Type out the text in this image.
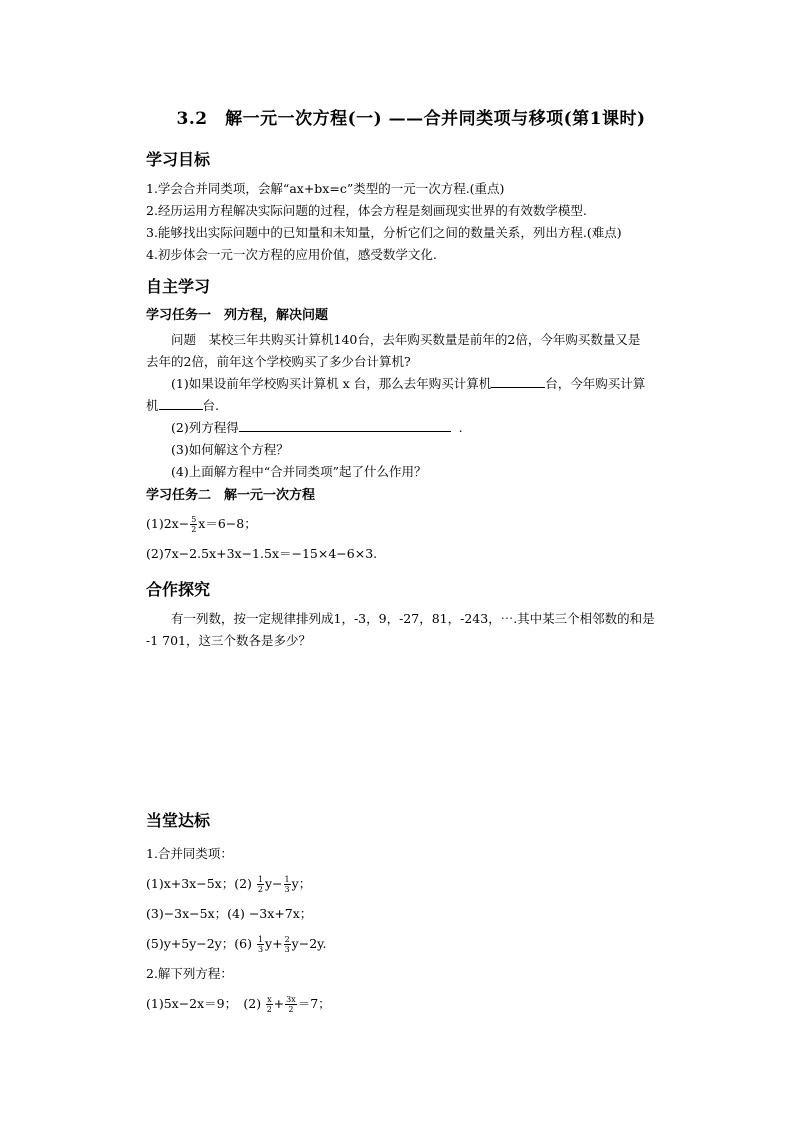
3.2　解一元一次方程(一) ——合并同类项与移项(第1课时)
学习目标

1.学会合并同类项，会解“ax+bx=c”类型的一元一次方程.(重点)

2.经历运用方程解决实际问题的过程，体会方程是刻画现实世界的有效数学模型.

3.能够找出实际问题中的已知量和未知量，分析它们之间的数量关系，列出方程.(难点)

4.初步体会一元一次方程的应用价值，感受数学文化.

自主学习
学习任务一　列方程，解决问题

问题　某校三年共购买计算机140台，去年购买数量是前年的2倍，今年购买数量又是

去年的2倍，前年这个学校购买了多少台计算机?

(1)如果设前年学校购买计算机 x 台，那么去年购买计算机	台，今年购买计算

机	台.

(2)列方程得	.

(3)如何解这个方程？

(4)上面解方程中“合并同类项”起了什么作用？

学习任务二　解一元一次方程

$(1)2x- \frac{5}{2} x=6-8$；

(2)7x−2.5x+3x−1.5x＝−15×4−6×3.

合作探究

有一列数，按一定规律排列成1，-3，9，-27，81，-243，⋯.其中某三个相邻数的和是

-1 701，这三个数各是多少？

当堂达标

1.合并同类项：

(1)x+3x−5x；$(2) \frac{1}{2} y- \frac{1}{3}$ y；

(3)−3x−5x；(4) −3x+7x；

(5)y+5y−2y；$(6) \frac{1}{3} y+ \frac{2}{3} y-2y$.

2.解下列方程：

(1)5x−2x＝9；　$(2) \frac{x}{2} + \frac{3x}{2} =7$；
